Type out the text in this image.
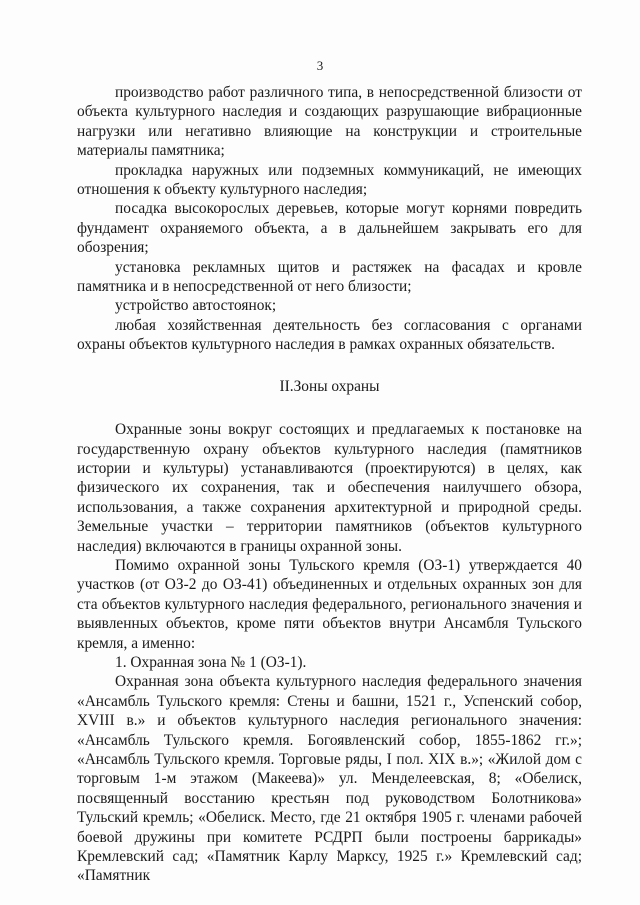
3

производство работ различного типа, в непосредственной близости от объекта культурного наследия и создающих разрушающие вибрационные нагрузки или негативно влияющие на конструкции и строительные материалы памятника;

прокладка наружных или подземных коммуникаций, не имеющих отношения к объекту культурного наследия;

посадка высокорослых деревьев, которые могут корнями повредить фундамент охраняемого объекта, а в дальнейшем закрывать его для обозрения;

установка рекламных щитов и растяжек на фасадах и кровле памятника и в непосредственной от него близости;

устройство автостоянок;

любая хозяйственная деятельность без согласования с органами охраны объектов культурного наследия в рамках охранных обязательств.

II.Зоны охраны

Охранные зоны вокруг состоящих и предлагаемых к постановке на государственную охрану объектов культурного наследия (памятников истории и культуры) устанавливаются (проектируются) в целях, как физического их сохранения, так и обеспечения наилучшего обзора, использования, а также сохранения архитектурной и природной среды. Земельные участки – территории памятников (объектов культурного наследия) включаются в границы охранной зоны.

Помимо охранной зоны Тульского кремля (ОЗ-1) утверждается 40 участков (от ОЗ-2 до ОЗ-41) объединенных и отдельных охранных зон для ста объектов культурного наследия федерального, регионального значения и выявленных объектов, кроме пяти объектов внутри Ансамбля Тульского кремля, а именно:

1. Охранная зона № 1 (ОЗ-1).

Охранная зона объекта культурного наследия федерального значения «Ансамбль Тульского кремля: Стены и башни, 1521 г., Успенский собор, XVIII в.» и объектов культурного наследия регионального значения: «Ансамбль Тульского кремля. Богоявленский собор, 1855-1862 гг.»; «Ансамбль Тульского кремля. Торговые ряды, I пол. XIX в.»; «Жилой дом с торговым 1-м этажом (Макеева)» ул. Менделеевская, 8; «Обелиск, посвященный восстанию крестьян под руководством Болотникова» Тульский кремль; «Обелиск. Место, где 21 октября 1905 г. членами рабочей боевой дружины при комитете РСДРП были построены баррикады» Кремлевский сад; «Памятник Карлу Марксу, 1925 г.» Кремлевский сад; «Памятник
